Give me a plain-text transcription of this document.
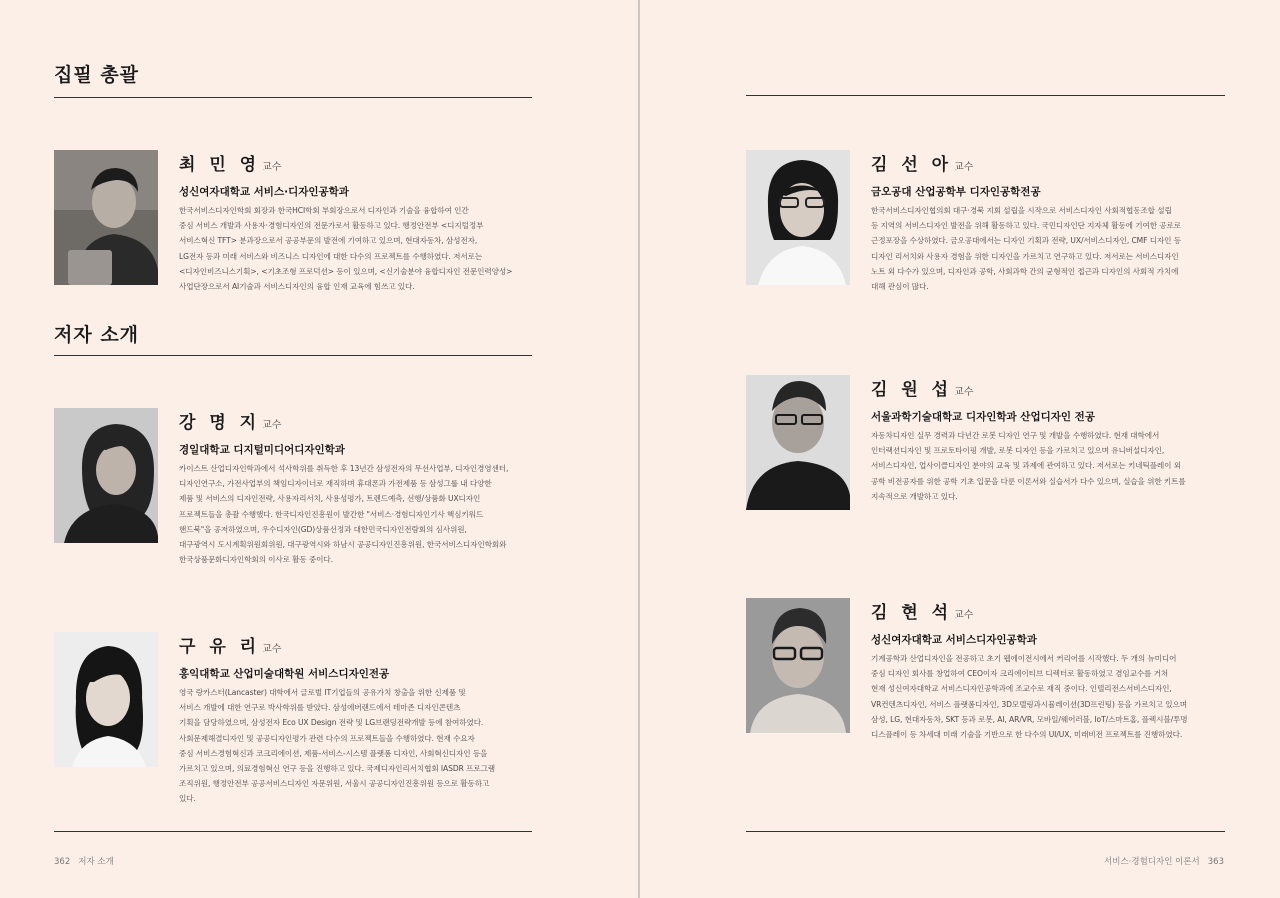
집필 총괄
최 민 영 교수
성신여자대학교 서비스·디자인공학과
한국서비스디자인학회 회장과 한국HCI학회 부회장으로서 디자인과 기술을 융합하여 인간
중심 서비스 개발과 사용자·경험디자인의 전문가로서 활동하고 있다. 행정안전부 <디지털정부
서비스혁신 TFT> 분과장으로서 공공부문의 발전에 기여하고 있으며, 현대자동차, 삼성전자,
LG전자 등과 미래 서비스와 비즈니스 디자인에 대한 다수의 프로젝트를 수행하였다. 저서로는
<디자인비즈니스기획>, <기초조형 프로덕션> 등이 있으며, <신기술분야 융합디자인 전문인력양성>
사업단장으로서 AI기술과 서비스디자인의 융합 인재 교육에 힘쓰고 있다.
저자 소개
강 명 지 교수
경일대학교 디지털미디어디자인학과
카이스트 산업디자인학과에서 석사학위를 취득한 후 13년간 삼성전자의 무선사업부, 디자인경영센터,
디자인연구소, 가전사업부의 책임디자이너로 재직하며 휴대폰과 가전제품 등 삼성그룹 내 다양한
제품 및 서비스의 디자인전략, 사용자리서치, 사용성평가, 트렌드예측, 선행/상품화 UX디자인
프로젝트들을 총괄 수행했다. 한국디자인진흥원이 발간한 "서비스·경험디자인기사 핵심키워드
핸드북"을 공저하였으며, 우수디자인(GD)상품선정과 대한민국디자인전람회의 심사위원,
대구광역시 도시계획위원회위원, 대구광역시와 하남시 공공디자인진흥위원, 한국서비스디자인학회와
한국상품문화디자인학회의 이사로 활동 중이다.
구 유 리 교수
홍익대학교 산업미술대학원 서비스디자인전공
영국 랑카스터(Lancaster) 대학에서 글로벌 IT기업들의 공유가치 창출을 위한 신제품 및
서비스 개발에 대한 연구로 박사학위를 받았다. 삼성에버랜드에서 테마존 디자인콘텐츠
기획을 담당하였으며, 삼성전자 Eco UX Design 전략 및 LG브랜딩전략개발 등에 참여하였다.
사회문제해결디자인 및 공공디자인평가 관련 다수의 프로젝트들을 수행하였다. 현재 수요자
중심 서비스경험혁신과 코크리에이션, 제품-서비스-시스템 플랫폼 디자인, 사회혁신디자인 등을
가르치고 있으며, 의료경험혁신 연구 등을 진행하고 있다. 국제디자인리서치협회 IASDR 프로그램
조직위원, 행정안전부 공공서비스디자인 자문위원, 서울시 공공디자인진흥위원 등으로 활동하고
있다.
362 저자 소개
김 선 아 교수
금오공대 산업공학부 디자인공학전공
한국서비스디자인협의회 대구·경북 지회 설립을 시작으로 서비스디자인 사회적협동조합 설립
등 지역의 서비스디자인 발전을 위해 활동하고 있다. 국민디자인단 지자체 활동에 기여한 공로로
근정포장을 수상하였다. 금오공대에서는 디자인 기획과 전략, UX/서비스디자인, CMF 디자인 등
디자인 리서치와 사용자 경험을 위한 디자인을 가르치고 연구하고 있다. 저서로는 서비스디자인
노트 외 다수가 있으며, 디자인과 공학, 사회과학 간의 균형적인 접근과 디자인의 사회적 가치에
대해 관심이 많다.
김 원 섭 교수
서울과학기술대학교 디자인학과 산업디자인 전공
자동차디자인 실무 경력과 다년간 로봇 디자인 연구 및 개발을 수행하였다. 현재 대학에서
인터랙션디자인 및 프로토타이핑 개발, 로봇 디자인 등을 가르치고 있으며 유니버설디자인,
서비스디자인, 업사이클디자인 분야의 교육 및 과제에 관여하고 있다. 저서로는 키네틱플레이 외
공학 비전공자를 위한 공학 기초 입문을 다룬 이론서와 실습서가 다수 있으며, 실습을 위한 키트를
지속적으로 개발하고 있다.
김 현 석 교수
성신여자대학교 서비스디자인공학과
기계공학과 산업디자인을 전공하고 초기 웹에이전시에서 커리어를 시작했다. 두 개의 뉴미디어
중심 디자인 회사를 창업하여 CEO이자 크리에이티브 디렉터로 활동하였고 겸임교수를 거쳐
현재 성신여자대학교 서비스디자인공학과에 조교수로 재직 중이다. 인텔리전스서비스디자인,
VR컨텐츠디자인, 서비스 플랫폼디자인, 3D모델링과시뮬레이션(3D프린팅) 등을 가르치고 있으며
삼성, LG, 현대자동차, SKT 등과 로봇, AI, AR/VR, 모바일/웨어러블, IoT/스마트홈, 플렉시블/투명
디스플레이 등 차세대 미래 기술을 기반으로 한 다수의 UI/UX, 미래비전 프로젝트를 진행하였다.
서비스·경험디자인 이론서 363
